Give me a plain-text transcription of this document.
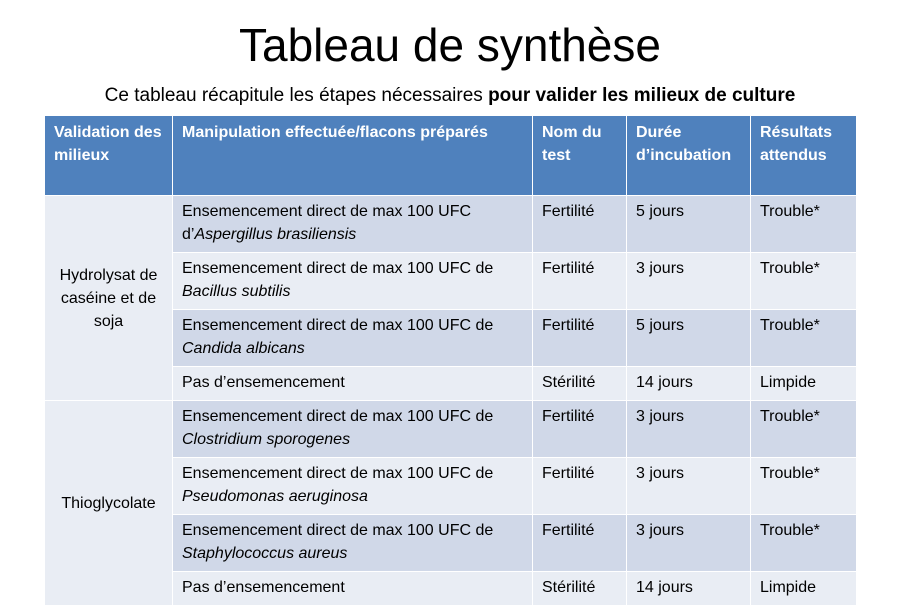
Tableau de synthèse
Ce tableau récapitule les étapes nécessaires pour valider les milieux de culture
Validation des milieux	Manipulation effectuée/flacons préparés	Nom du test	Durée d’incubation	Résultats attendus
Hydrolysat de caséine et de soja	Ensemencement direct de max 100 UFC d’Aspergillus brasiliensis	Fertilité	5 jours	Trouble*
	Ensemencement direct de max 100 UFC de Bacillus subtilis	Fertilité	3 jours	Trouble*
	Ensemencement direct de max 100 UFC de Candida albicans	Fertilité	5 jours	Trouble*
	Pas d’ensemencement	Stérilité	14 jours	Limpide
Thioglycolate	Ensemencement direct de max 100 UFC de Clostridium sporogenes	Fertilité	3 jours	Trouble*
	Ensemencement direct de max 100 UFC de Pseudomonas aeruginosa	Fertilité	3 jours	Trouble*
	Ensemencement direct de max 100 UFC de Staphylococcus aureus	Fertilité	3 jours	Trouble*
	Pas d’ensemencement	Stérilité	14 jours	Limpide
